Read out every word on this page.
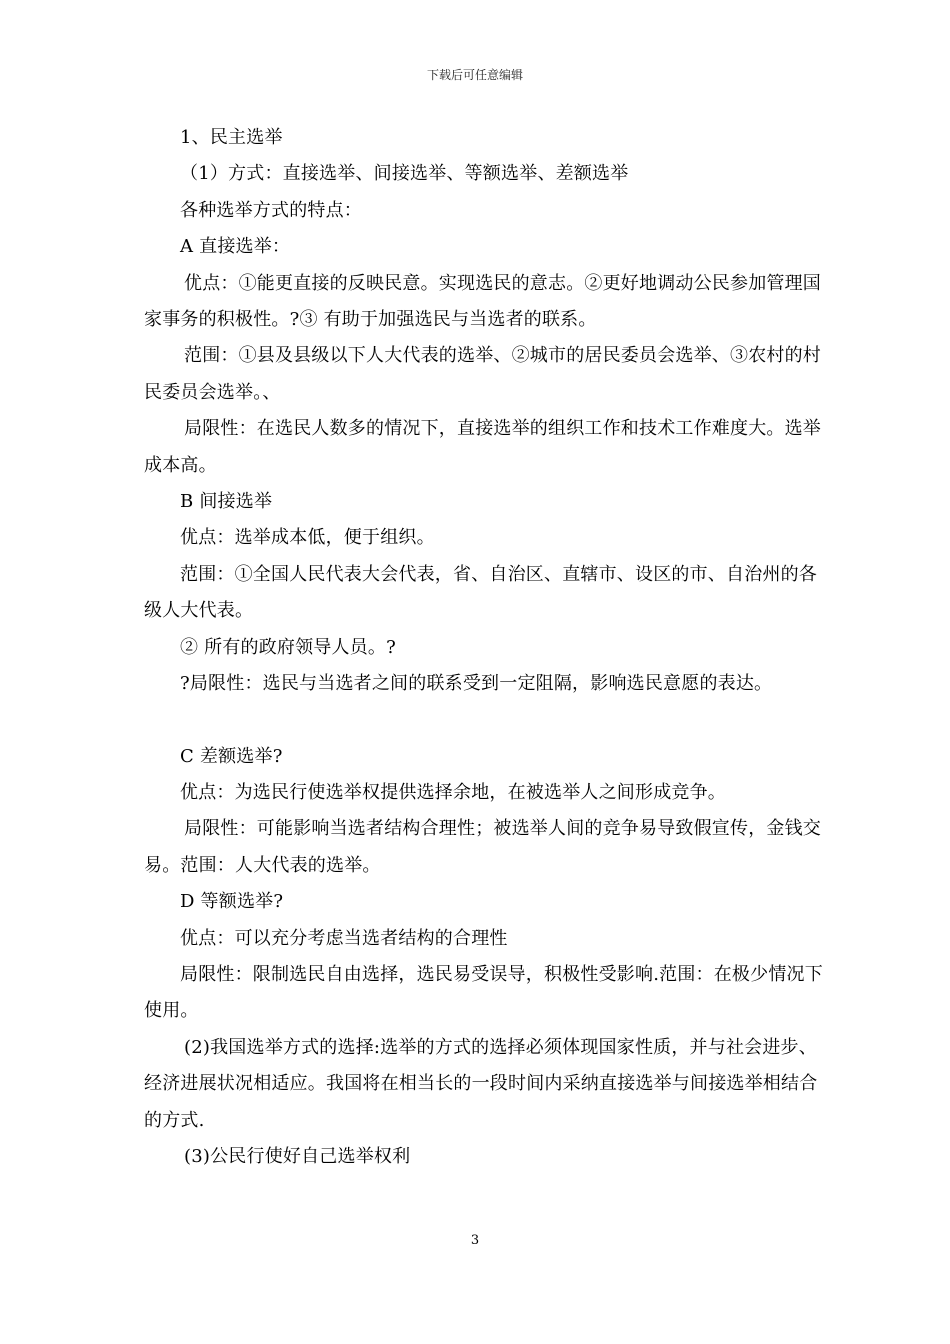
下载后可任意编辑

1、民主选举

（1）方式：直接选举、间接选举、等额选举、差额选举

各种选举方式的特点：

A 直接选举：

优点：①能更直接的反映民意。实现选民的意志。②更好地调动公民参加管理国家事务的积极性。?③ 有助于加强选民与当选者的联系。

范围：①县及县级以下人大代表的选举、②城市的居民委员会选举、③农村的村民委员会选举。、

局限性：在选民人数多的情况下，直接选举的组织工作和技术工作难度大。选举成本高。

B 间接选举

优点：选举成本低，便于组织。

范围：①全国人民代表大会代表，省、自治区、直辖市、设区的市、自治州的各级人大代表。

② 所有的政府领导人员。?

?局限性：选民与当选者之间的联系受到一定阻隔，影响选民意愿的表达。

C 差额选举?

优点：为选民行使选举权提供选择余地，在被选举人之间形成竞争。

局限性：可能影响当选者结构合理性；被选举人间的竞争易导致假宣传，金钱交易。范围：人大代表的选举。

D 等额选举?

优点：可以充分考虑当选者结构的合理性

局限性：限制选民自由选择，选民易受误导，积极性受影响.范围：在极少情况下使用。

(2)我国选举方式的选择:选举的方式的选择必须体现国家性质，并与社会进步、经济进展状况相适应。我国将在相当长的一段时间内采纳直接选举与间接选举相结合的方式.

(3)公民行使好自己选举权利

3
